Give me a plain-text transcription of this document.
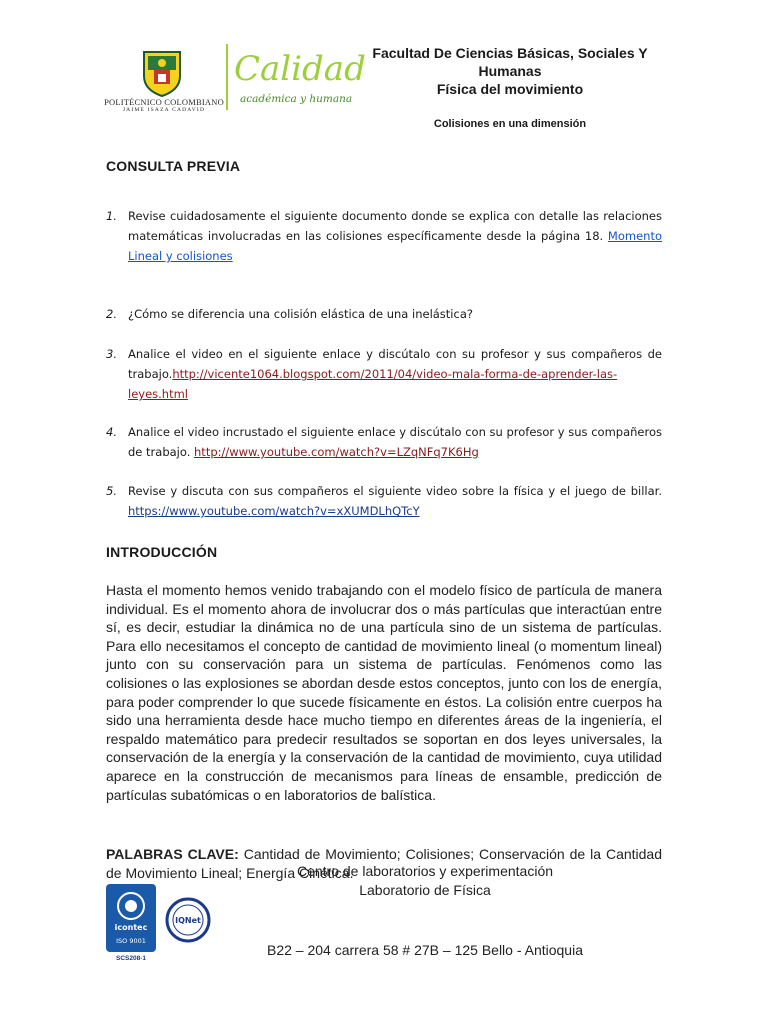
POLITÉCNICO COLOMBIANO
JAIME ISAZA CADAVID
Calidad
académica y humana
Facultad De Ciencias Básicas, Sociales Y
Humanas
Física del movimiento
Colisiones en una dimensión
CONSULTA PREVIA
1. Revise cuidadosamente el siguiente documento donde se explica con detalle las relaciones matemáticas involucradas en las colisiones específicamente desde la página 18. Momento Lineal y colisiones
2. ¿Cómo se diferencia una colisión elástica de una inelástica?
3. Analice el video en el siguiente enlace y discútalo con su profesor y sus compañeros de trabajo.http://vicente1064.blogspot.com/2011/04/video-mala-forma-de-aprender-las-leyes.html
4. Analice el video incrustado el siguiente enlace y discútalo con su profesor y sus compañeros de trabajo. http://www.youtube.com/watch?v=LZqNFq7K6Hg
5. Revise y discuta con sus compañeros el siguiente video sobre la física y el juego de billar. https://www.youtube.com/watch?v=xXUMDLhQTcY
INTRODUCCIÓN
Hasta el momento hemos venido trabajando con el modelo físico de partícula de manera individual. Es el momento ahora de involucrar dos o más partículas que interactúan entre sí, es decir, estudiar la dinámica no de una partícula sino de un sistema de partículas. Para ello necesitamos el concepto de cantidad de movimiento lineal (o momentum lineal) junto con su conservación para un sistema de partículas. Fenómenos como las colisiones o las explosiones se abordan desde estos conceptos, junto con los de energía, para poder comprender lo que sucede físicamente en éstos. La colisión entre cuerpos ha sido una herramienta desde hace mucho tiempo en diferentes áreas de la ingeniería, el respaldo matemático para predecir resultados se soportan en dos leyes universales, la conservación de la energía y la conservación de la cantidad de movimiento, cuya utilidad aparece en la construcción de mecanismos para líneas de ensamble, predicción de partículas subatómicas o en laboratorios de balística.
PALABRAS CLAVE: Cantidad de Movimiento; Colisiones; Conservación de la Cantidad de Movimiento Lineal; Energía Cinética.
icontec
ISO 9001
SCS208-1
IQNet
Centro de laboratorios y experimentación
Laboratorio de Física
B22 – 204 carrera 58 # 27B – 125 Bello - Antioquia
